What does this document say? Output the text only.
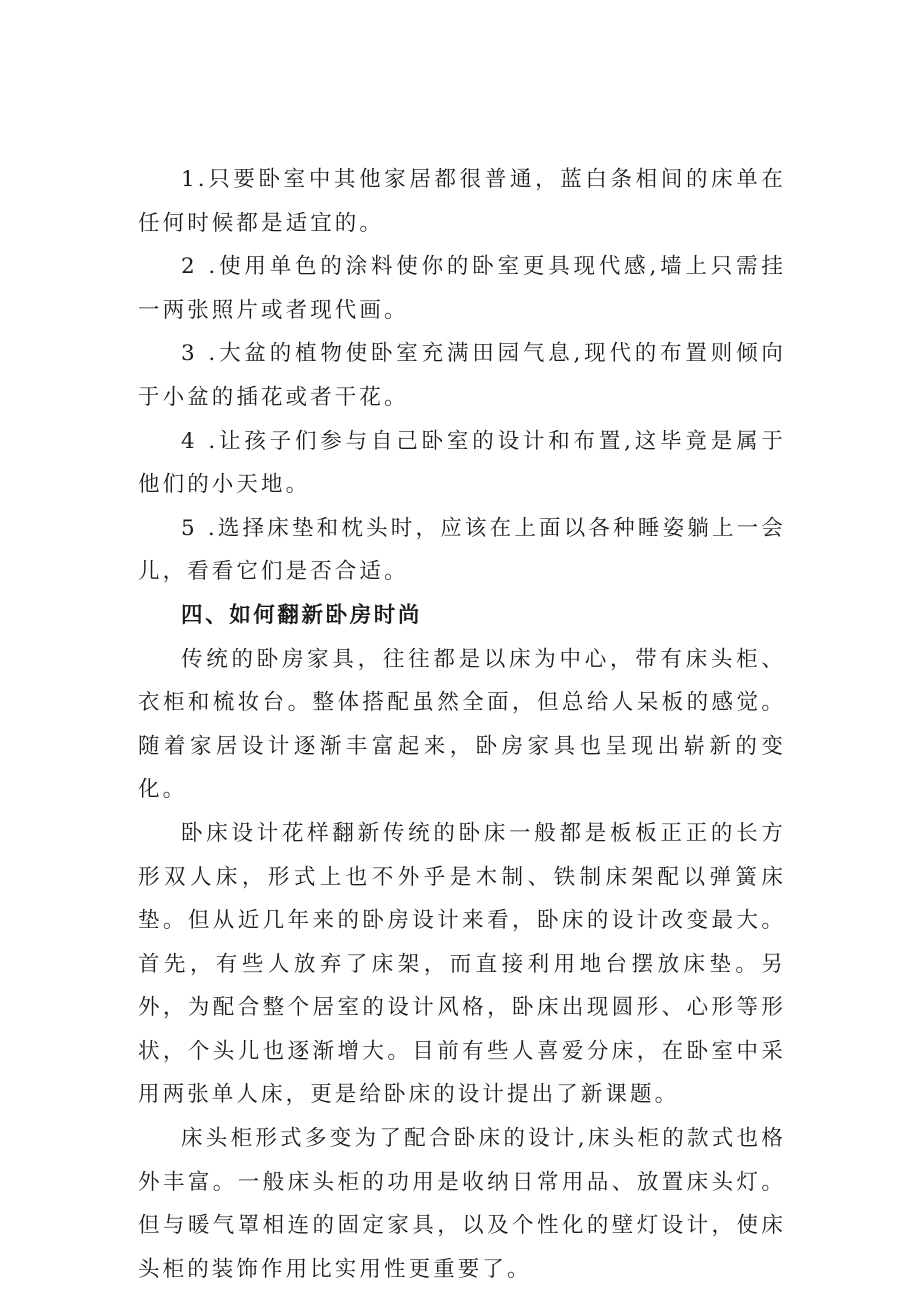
1.只要卧室中其他家居都很普通，蓝白条相间的床单在任何时候都是适宜的。

2 .使用单色的涂料使你的卧室更具现代感,墙上只需挂一两张照片或者现代画。

3 .大盆的植物使卧室充满田园气息,现代的布置则倾向于小盆的插花或者干花。

4 .让孩子们参与自己卧室的设计和布置,这毕竟是属于他们的小天地。

5 .选择床垫和枕头时，应该在上面以各种睡姿躺上一会儿，看看它们是否合适。

四、如何翻新卧房时尚

传统的卧房家具，往往都是以床为中心，带有床头柜、衣柜和梳妆台。整体搭配虽然全面，但总给人呆板的感觉。随着家居设计逐渐丰富起来，卧房家具也呈现出崭新的变化。

卧床设计花样翻新传统的卧床一般都是板板正正的长方形双人床，形式上也不外乎是木制、铁制床架配以弹簧床垫。但从近几年来的卧房设计来看，卧床的设计改变最大。首先，有些人放弃了床架，而直接利用地台摆放床垫。另外，为配合整个居室的设计风格，卧床出现圆形、心形等形状，个头儿也逐渐增大。目前有些人喜爱分床，在卧室中采用两张单人床，更是给卧床的设计提出了新课题。

床头柜形式多变为了配合卧床的设计,床头柜的款式也格外丰富。一般床头柜的功用是收纳日常用品、放置床头灯。但与暖气罩相连的固定家具，以及个性化的壁灯设计，使床头柜的装饰作用比实用性更重要了。
